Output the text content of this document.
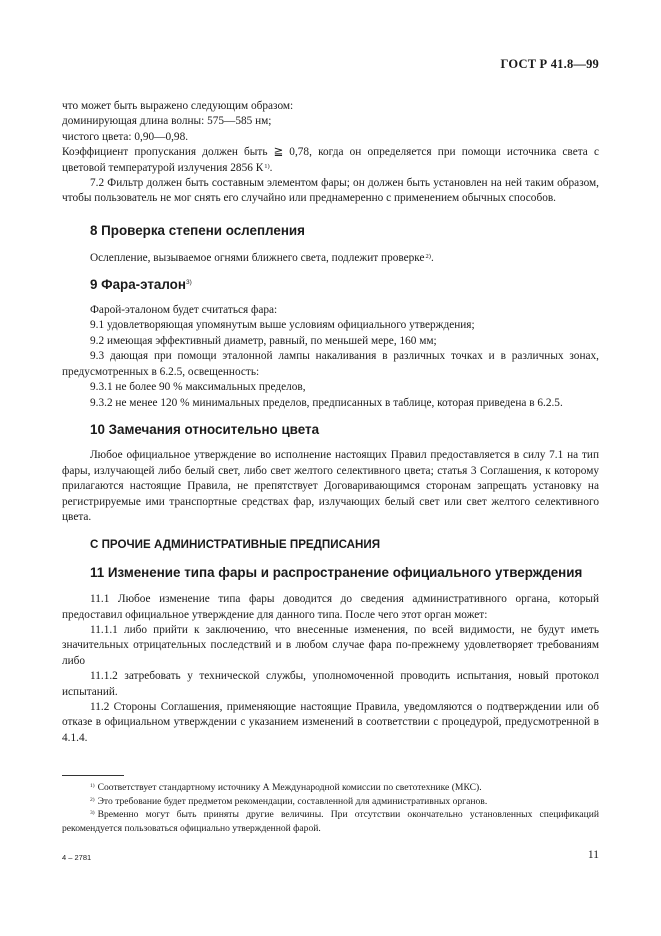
ГОСТ Р 41.8—99

что может быть выражено следующим образом:

доминирующая длина волны: 575—585 нм;

чистого цвета: 0,90—0,98.

Коэффициент пропускания должен быть ≧ 0,78, когда он определяется при помощи источника света с цветовой температурой излучения 2856 К$^{1)}$.

7.2 Фильтр должен быть составным элементом фары; он должен быть установлен на ней таким образом, чтобы пользователь не мог снять его случайно или преднамеренно с применением обычных способов.

8 Проверка степени ослепления

Ослепление, вызываемое огнями ближнего света, подлежит проверке$^{2)}$.

9 Фара-эталон$^{3)}$

Фарой-эталоном будет считаться фара:

9.1 удовлетворяющая упомянутым выше условиям официального утверждения;

9.2 имеющая эффективный диаметр, равный, по меньшей мере, 160 мм;

9.3 дающая при помощи эталонной лампы накаливания в различных точках и в различных зонах, предусмотренных в 6.2.5, освещенность:

9.3.1 не более 90 % максимальных пределов,

9.3.2 не менее 120 % минимальных пределов, предписанных в таблице, которая приведена в 6.2.5.

10 Замечания относительно цвета

Любое официальное утверждение во исполнение настоящих Правил предоставляется в силу 7.1 на тип фары, излучающей либо белый свет, либо свет желтого селективного цвета; статья 3 Соглашения, к которому прилагаются настоящие Правила, не препятствует Договаривающимся сторонам запрещать установку на регистрируемые ими транспортные средствах фар, излучающих белый свет или свет желтого селективного цвета.

С ПРОЧИЕ АДМИНИСТРАТИВНЫЕ ПРЕДПИСАНИЯ
11 Изменение типа фары и распространение официального утверждения

11.1 Любое изменение типа фары доводится до сведения административного органа, который предоставил официальное утверждение для данного типа. После чего этот орган может:

11.1.1 либо прийти к заключению, что внесенные изменения, по всей видимости, не будут иметь значительных отрицательных последствий и в любом случае фара по-прежнему удовлетворяет требованиям либо

11.1.2 затребовать у технической службы, уполномоченной проводить испытания, новый протокол испытаний.

11.2 Стороны Соглашения, применяющие настоящие Правила, уведомляются о подтверждении или об отказе в официальном утверждении с указанием изменений в соответствии с процедурой, предусмотренной в 4.1.4.

$^{1)}$ Соответствует стандартному источнику А Международной комиссии по светотехнике (МКС).

$^{2)}$ Это требование будет предметом рекомендации, составленной для административных органов.

$^{3)}$ Временно могут быть приняты другие величины. При отсутствии окончательно установленных спецификаций рекомендуется пользоваться официально утвержденной фарой.

4 – 2781	11
